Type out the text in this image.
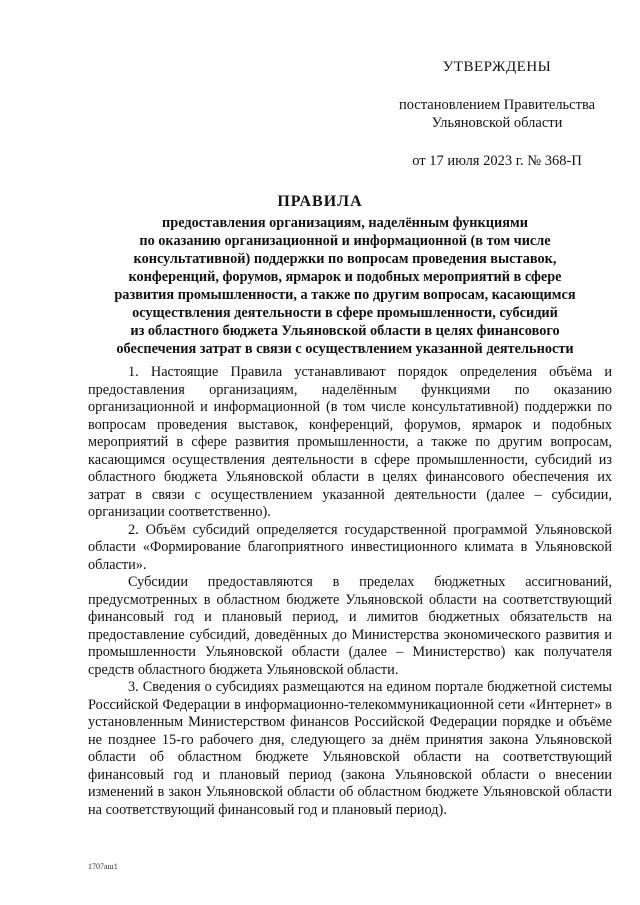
УТВЕРЖДЕНЫ
постановлением Правительства
Ульяновской области
от 17 июля 2023 г. № 368-П
ПРАВИЛА
предоставления организациям, наделённым функциями
по оказанию организационной и информационной (в том числе
консультативной) поддержки по вопросам проведения выставок,
конференций, форумов, ярмарок и подобных мероприятий в сфере
развития промышленности, а также по другим вопросам, касающимся
осуществления деятельности в сфере промышленности, субсидий
из областного бюджета Ульяновской области в целях финансового
обеспечения затрат в связи с осуществлением указанной деятельности

1. Настоящие Правила устанавливают порядок определения объёма и предоставления организациям, наделённым функциями по оказанию организационной и информационной (в том числе консультативной) поддержки по вопросам проведения выставок, конференций, форумов, ярмарок и подобных мероприятий в сфере развития промышленности, а также по другим вопросам, касающимся осуществления деятельности в сфере промышленности, субсидий из областного бюджета Ульяновской области в целях финансового обеспечения их затрат в связи с осуществлением указанной деятельности (далее – субсидии, организации соответственно).

2. Объём субсидий определяется государственной программой Ульяновской области «Формирование благоприятного инвестиционного климата в Ульяновской области».

Субсидии предоставляются в пределах бюджетных ассигнований, предусмотренных в областном бюджете Ульяновской области на соответствующий финансовый год и плановый период, и лимитов бюджетных обязательств на предоставление субсидий, доведённых до Министерства экономического развития и промышленности Ульяновской области (далее – Министерство) как получателя средств областного бюджета Ульяновской области.

3. Сведения о субсидиях размещаются на едином портале бюджетной системы Российской Федерации в информационно-телекоммуникационной сети «Интернет» в установленным Министерством финансов Российской Федерации порядке и объёме не позднее 15-го рабочего дня, следующего за днём принятия закона Ульяновской области об областном бюджете Ульяновской области на соответствующий финансовый год и плановый период (закона Ульяновской области о внесении изменений в закон Ульяновской области об областном бюджете Ульяновской области на соответствующий финансовый год и плановый период).

1707аш1
